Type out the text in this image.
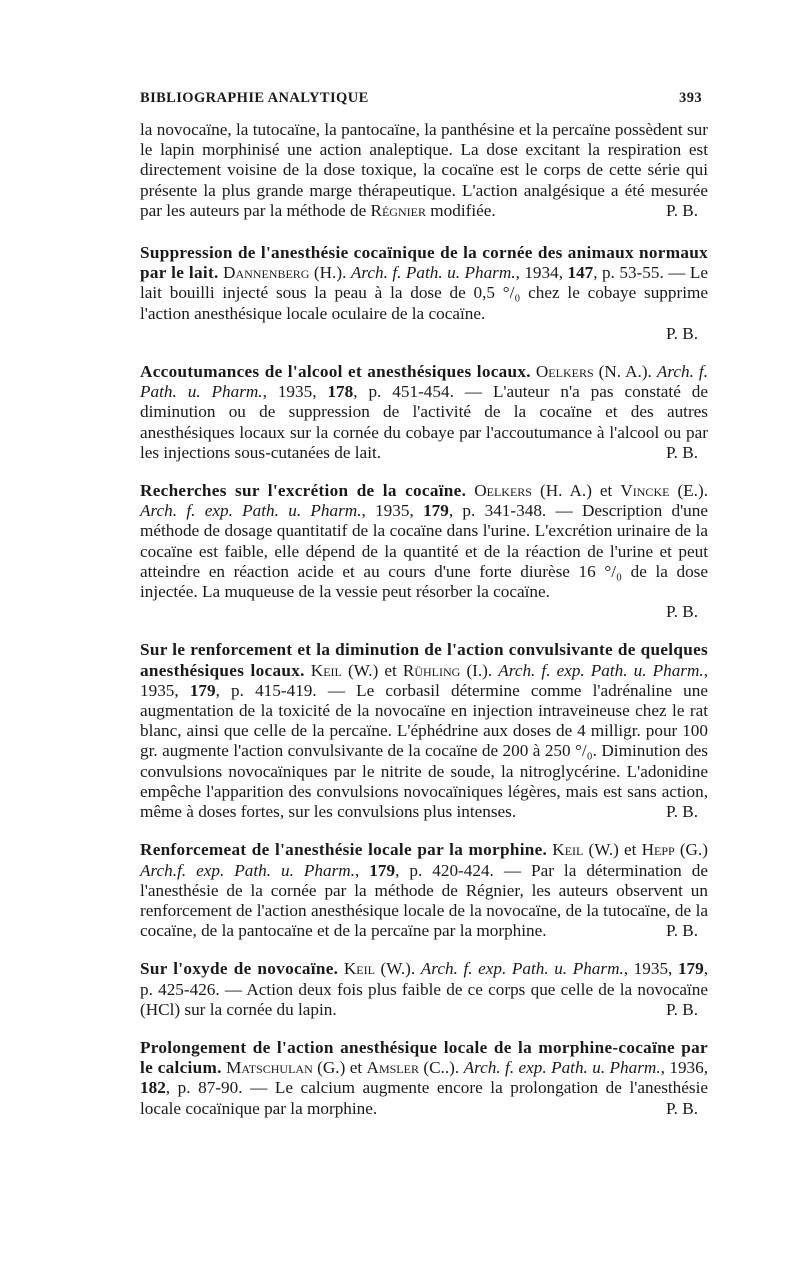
BIBLIOGRAPHIE ANALYTIQUE	393

la novocaïne, la tutocaïne, la pantocaïne, la panthésine et la percaïne possèdent sur le lapin morphinisé une action analeptique. La dose excitant la respiration est directement voisine de la dose toxique, la cocaïne est le corps de cette série qui présente la plus grande marge thérapeutique. L'action analgésique a été mesurée par les auteurs par la méthode de Régnier modifiée.	P. B.

Suppression de l'anesthésie cocaïnique de la cornée des animaux normaux par le lait. Dannenberg (H.). Arch. f. Path. u. Pharm., 1934, 147, p. 53-55. — Le lait bouilli injecté sous la peau à la dose de 0,5 °/₀ chez le cobaye supprime l'action anesthésique locale oculaire de la cocaïne.
P. B.
Accoutumances de l'alcool et anesthésiques locaux. Oelkers (N. A.). Arch. f. Path. u. Pharm., 1935, 178, p. 451-454. — L'auteur n'a pas constaté de diminution ou de suppression de l'activité de la cocaïne et des autres anesthésiques locaux sur la cornée du cobaye par l'accoutumance à l'alcool ou par les injections sous-cutanées de lait.	P. B.
Recherches sur l'excrétion de la cocaïne. Oelkers (H. A.) et Vincke (E.). Arch. f. exp. Path. u. Pharm., 1935, 179, p. 341-348. — Description d'une méthode de dosage quantitatif de la cocaïne dans l'urine. L'excrétion urinaire de la cocaïne est faible, elle dépend de la quantité et de la réaction de l'urine et peut atteindre en réaction acide et au cours d'une forte diurèse 16 °/₀ de la dose injectée. La muqueuse de la vessie peut résorber la cocaïne.
P. B.
Sur le renforcement et la diminution de l'action convulsivante de quelques anesthésiques locaux. Keil (W.) et Rühling (I.). Arch. f. exp. Path. u. Pharm., 1935, 179, p. 415-419. — Le corbasil détermine comme l'adrénaline une augmentation de la toxicité de la novocaïne en injection intraveineuse chez le rat blanc, ainsi que celle de la percaïne. L'éphédrine aux doses de 4 milligr. pour 100 gr. augmente l'action convulsivante de la cocaïne de 200 à 250 °/₀. Diminution des convulsions novocaïniques par le nitrite de soude, la nitroglycérine. L'adonidine empêche l'apparition des convulsions novocaïniques légères, mais est sans action, même à doses fortes, sur les convulsions plus intenses.	P. B.
Renforcemeat de l'anesthésie locale par la morphine. Keil (W.) et Hepp (G.) Arch.f. exp. Path. u. Pharm., 179, p. 420-424. — Par la détermination de l'anesthésie de la cornée par la méthode de Régnier, les auteurs observent un renforcement de l'action anesthésique locale de la novocaïne, de la tutocaïne, de la cocaïne, de la pantocaïne et de la percaïne par la morphine.	P. B.
Sur l'oxyde de novocaïne. Keil (W.). Arch. f. exp. Path. u. Pharm., 1935, 179, p. 425-426. — Action deux fois plus faible de ce corps que celle de la novocaïne (HCl) sur la cornée du lapin.	P. B.
Prolongement de l'action anesthésique locale de la morphine-cocaïne par le calcium. Matschulan (G.) et Amsler (C..). Arch. f. exp. Path. u. Pharm., 1936, 182, p. 87-90. — Le calcium augmente encore la prolongation de l'anesthésie locale cocaïnique par la morphine.	P. B.
